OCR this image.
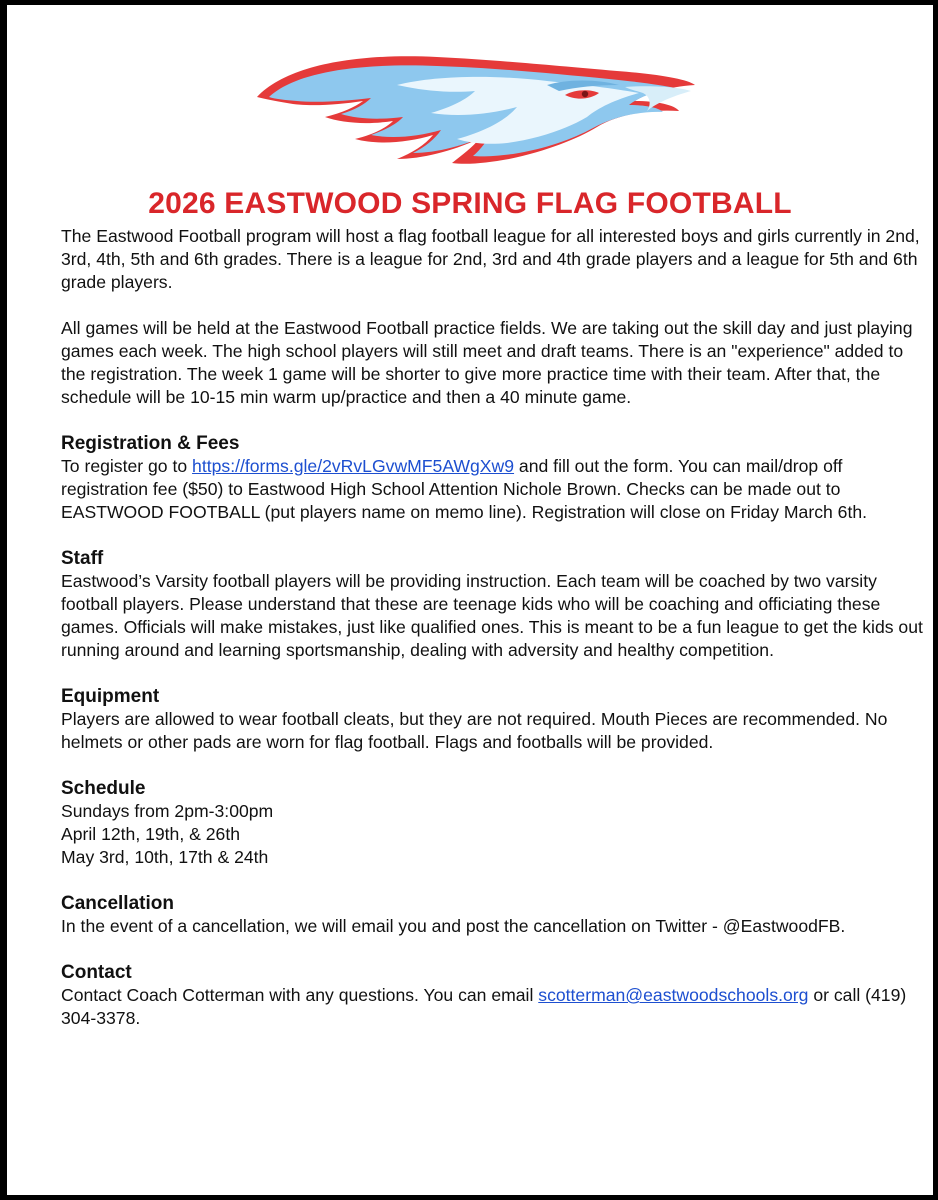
2026 EASTWOOD SPRING FLAG FOOTBALL

The Eastwood Football program will host a flag football league for all interested boys and girls currently in 2nd, 3rd, 4th, 5th and 6th grades. There is a league for 2nd, 3rd and 4th grade players and a league for 5th and 6th grade players.

All games will be held at the Eastwood Football practice fields. We are taking out the skill day and just playing games each week. The high school players will still meet and draft teams. There is an "experience" added to the registration. The week 1 game will be shorter to give more practice time with their team. After that, the schedule will be 10-15 min warm up/practice and then a 40 minute game.

Registration & Fees
To register go to https://forms.gle/2vRvLGvwMF5AWgXw9 and fill out the form. You can mail/drop off registration fee ($50) to Eastwood High School Attention Nichole Brown. Checks can be made out to EASTWOOD FOOTBALL (put players name on memo line). Registration will close on Friday March 6th.
Staff
Eastwood’s Varsity football players will be providing instruction. Each team will be coached by two varsity football players. Please understand that these are teenage kids who will be coaching and officiating these games. Officials will make mistakes, just like qualified ones. This is meant to be a fun league to get the kids out running around and learning sportsmanship, dealing with adversity and healthy competition.
Equipment
Players are allowed to wear football cleats, but they are not required. Mouth Pieces are recommended. No helmets or other pads are worn for flag football. Flags and footballs will be provided.
Schedule
Sundays from 2pm-3:00pm
April 12th, 19th, & 26th
May 3rd, 10th, 17th & 24th
Cancellation
In the event of a cancellation, we will email you and post the cancellation on Twitter - @EastwoodFB.
Contact
Contact Coach Cotterman with any questions. You can email scotterman@eastwoodschools.org or call (419) 304-3378.
